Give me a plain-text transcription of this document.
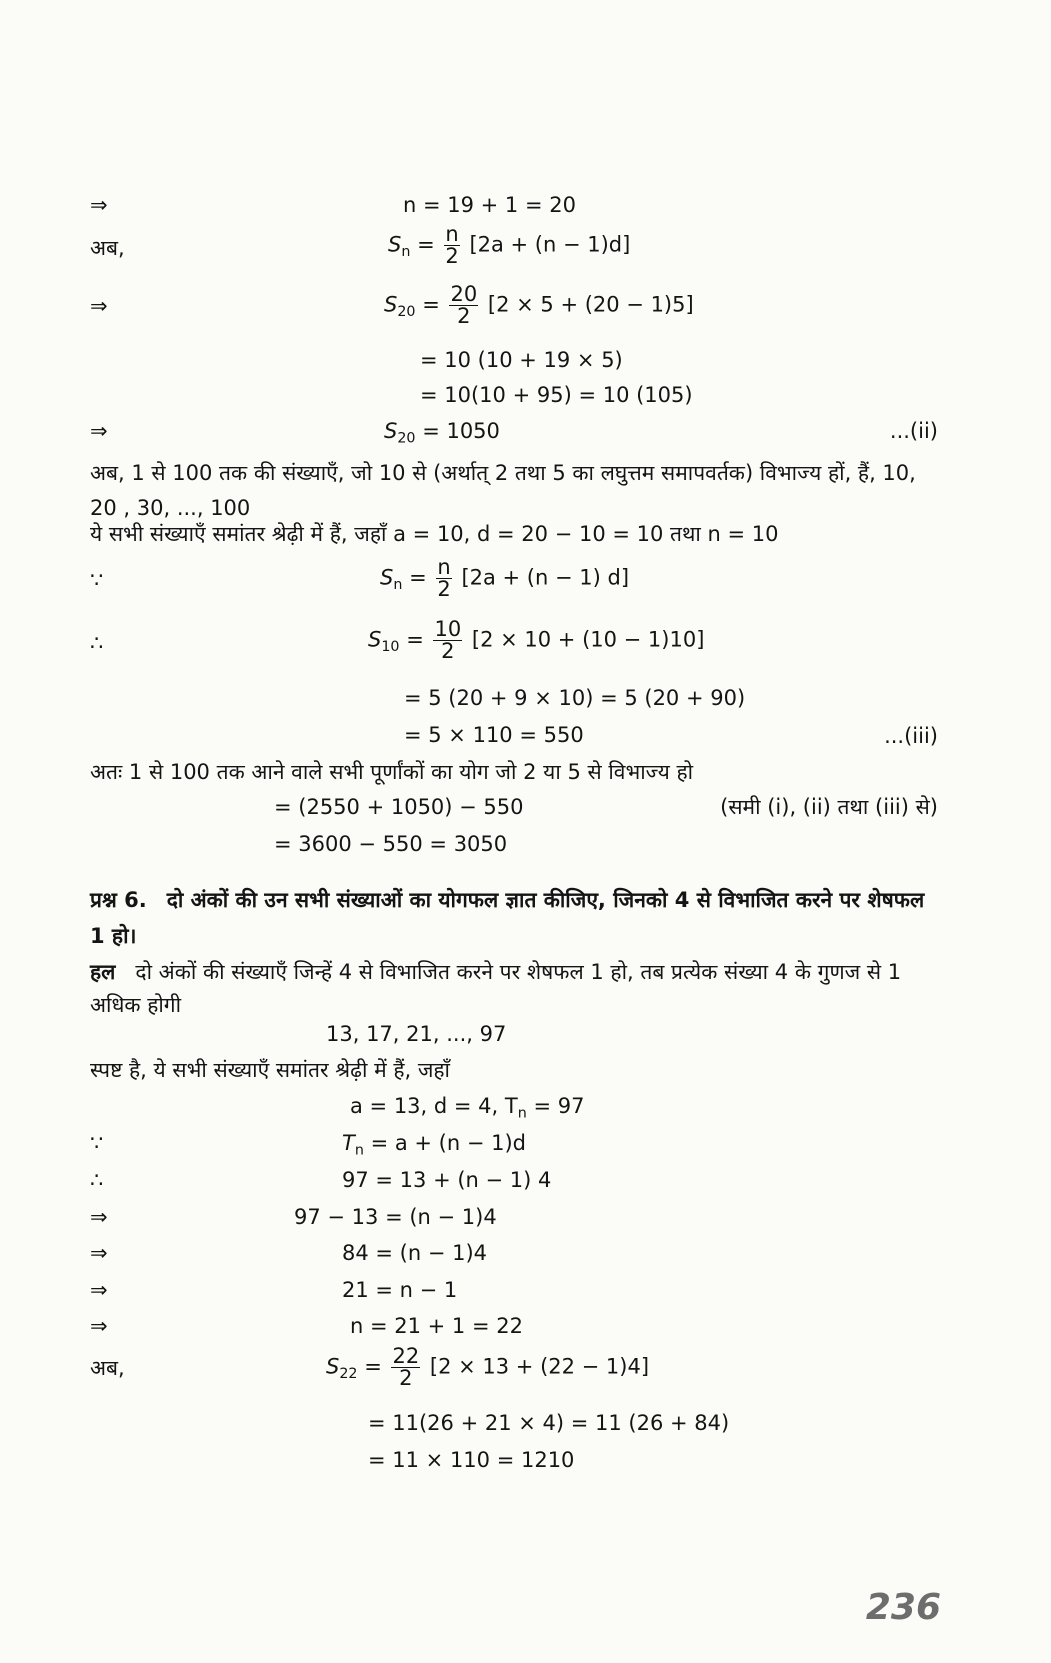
⇒	n = 19 + 1 = 20
अब,	$S_n = \frac{n}{2} [2a + (n - 1)d]$
⇒	$S_{20} = \frac{20}{2} [2 \times 5 + (20 - 1)5]$
= 10 (10 + 19 × 5)
= 10(10 + 95) = 10 (105)
⇒	$S_{20} = 1050$	...(ii)
अब, 1 से 100 तक की संख्याएँ, जो 10 से (अर्थात् 2 तथा 5 का लघुत्तम समापवर्तक) विभाज्य हों, हैं, 10, 20 , 30, ..., 100
ये सभी संख्याएँ समांतर श्रेढ़ी में हैं, जहाँ a = 10, d = 20 − 10 = 10 तथा n = 10
∵	$S_n = \frac{n}{2} [2a + (n - 1)$ d]
∴	$S_{10} = \frac{10}{2} [2 \times 10 + (10 - 1)10]$
= 5 (20 + 9 × 10) = 5 (20 + 90)
= 5 × 110 = 550	...(iii)
अतः 1 से 100 तक आने वाले सभी पूर्णांकों का योग जो 2 या 5 से विभाज्य हो
= (2550 + 1050) − 550	(समी (i), (ii) तथा (iii) से)
= 3600 − 550 = 3050
प्रश्न 6. दो अंकों की उन सभी संख्याओं का योगफल ज्ञात कीजिए, जिनको 4 से विभाजित करने पर शेषफल 1 हो।
हल दो अंकों की संख्याएँ जिन्हें 4 से विभाजित करने पर शेषफल 1 हो, तब प्रत्येक संख्या 4 के गुणज से 1 अधिक होगी
13, 17, 21, ..., 97
स्पष्ट है, ये सभी संख्याएँ समांतर श्रेढ़ी में हैं, जहाँ
a = 13, d = 4, $T_n = 97$
∵	$T_n = a + (n - 1)d$
∴	97 = 13 + (n − 1) 4
⇒	97 − 13 = (n − 1)4
⇒	84 = (n − 1)4
⇒	21 = n − 1
⇒	n = 21 + 1 = 22
अब,	$S_{22} = \frac{22}{2} [2 \times 13 + (22 - 1)4]$
= 11(26 + 21 × 4) = 11 (26 + 84)
= 11 × 110 = 1210
236
